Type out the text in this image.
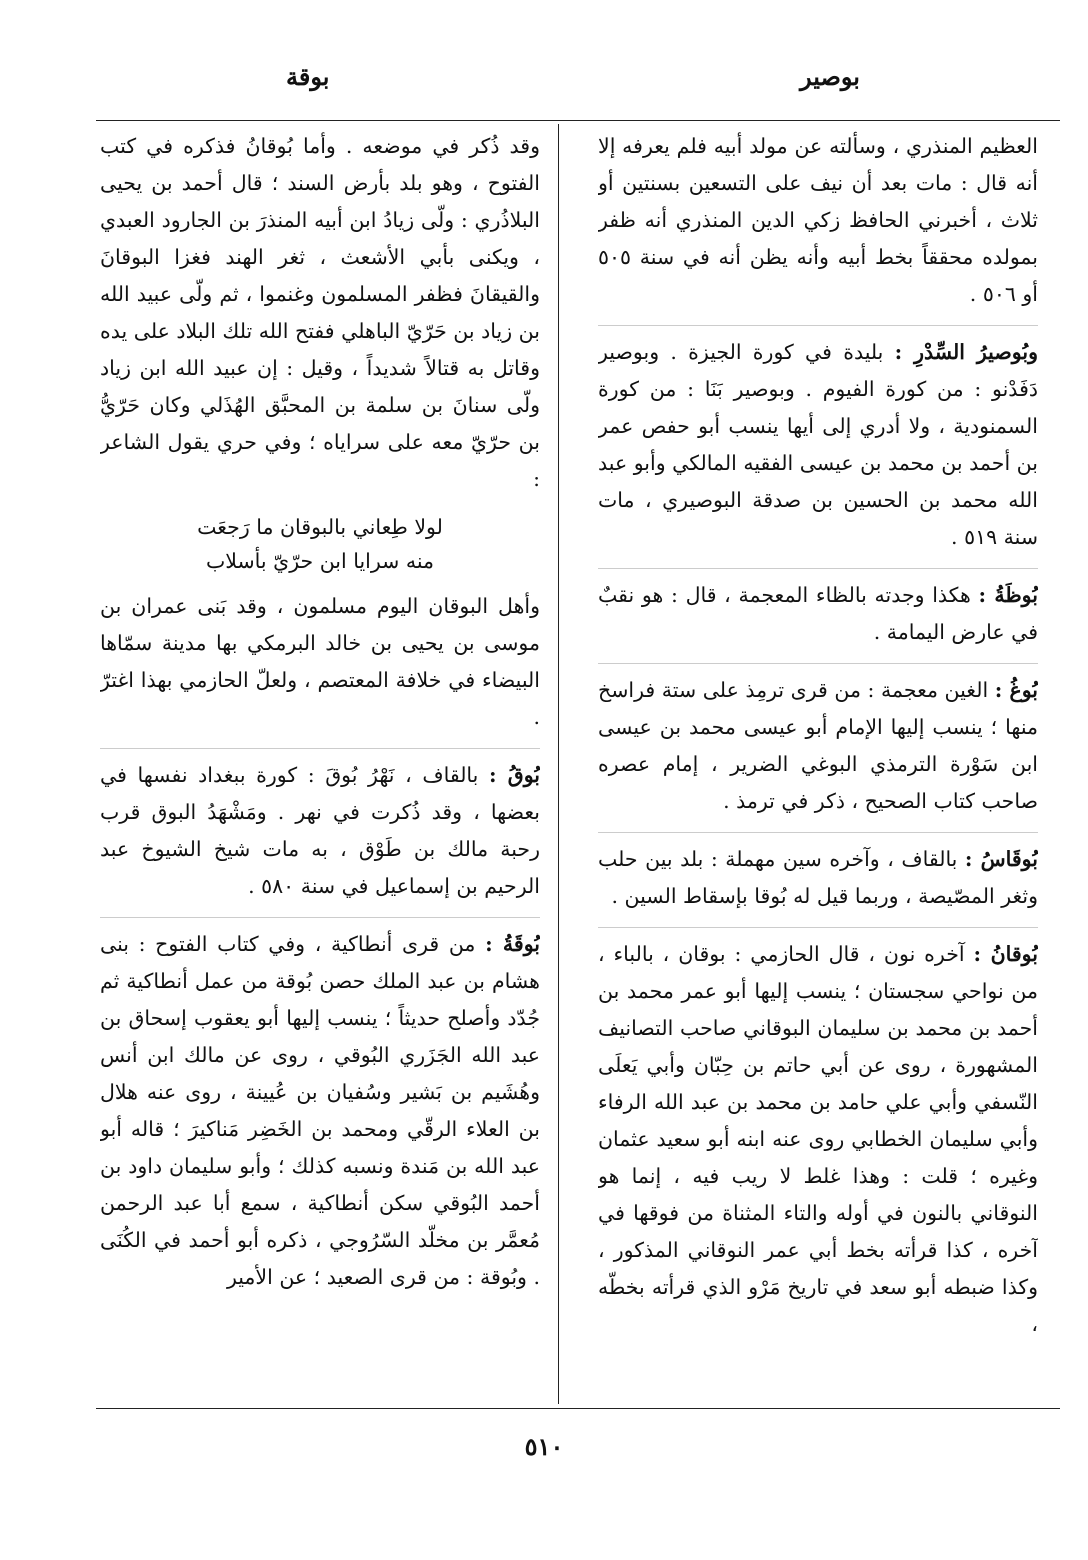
بوصير
بوقة

العظيم المنذري ، وسألته عن مولد أبيه فلم يعرفه إلا أنه قال : مات بعد أن نيف على التسعين بسنتين أو ثلاث ، أخبرني الحافظ زكي الدين المنذري أنه ظفر بمولده محققاً بخط أبيه وأنه يظن أنه في سنة ٥٠٥ أو ٥٠٦ .

وبُوصيرُ السِّدْرِ : بليدة في كورة الجيزة . وبوصير دَفَدْنو : من كورة الفيوم . وبوصير بَنَا : من كورة السمنودية ، ولا أدري إلى أيها ينسب أبو حفص عمر بن أحمد بن محمد بن عيسى الفقيه المالكي وأبو عبد الله محمد بن الحسين بن صدقة البوصيري ، مات سنة ٥١٩ .

بُوظَةُ : هكذا وجدته بالظاء المعجمة ، قال : هو نقبٌ في عارض اليمامة .

بُوغُ : الغين معجمة : من قرى ترمِذ على ستة فراسخ منها ؛ ينسب إليها الإمام أبو عيسى محمد بن عيسى ابن سَوْرة الترمذي البوغي الضرير ، إمام عصره صاحب كتاب الصحيح ، ذكر في ترمذ .

بُوقَاسُ : بالقاف ، وآخره سين مهملة : بلد بين حلب وثغر المصّيصة ، وربما قيل له بُوقا بإسقاط السين .

بُوقانُ : آخره نون ، قال الحازمي : بوقان ، بالباء ، من نواحي سجستان ؛ ينسب إليها أبو عمر محمد بن أحمد بن محمد بن سليمان البوقاني صاحب التصانيف المشهورة ، روى عن أبي حاتم بن حِبّان وأبي يَعلَى النّسفي وأبي علي حامد بن محمد بن عبد الله الرفاء وأبي سليمان الخطابي روى عنه ابنه أبو سعيد عثمان وغيره ؛ قلت : وهذا غلط لا ريب فيه ، إنما هو النوقاني بالنون في أوله والتاء المثناة من فوقها في آخره ، كذا قرأته بخط أبي عمر النوقاني المذكور ، وكذا ضبطه أبو سعد في تاريخ مَرْو الذي قرأته بخطّه ،

وقد ذُكر في موضعه . وأما بُوقانُ فذكره في كتب الفتوح ، وهو بلد بأرض السند ؛ قال أحمد بن يحيى البلاذُري : ولّى زيادُ ابن أبيه المنذرَ بن الجارود العبدي ، ويكنى بأبي الأشعث ، ثغر الهند فغزا البوقانَ والقيقانَ فظفر المسلمون وغنموا ، ثم ولّى عبيد الله بن زياد بن حَرّيّ الباهلي ففتح الله تلك البلاد على يده وقاتل به قتالاً شديداً ، وقيل : إن عبيد الله ابن زياد ولّى سنانَ بن سلمة بن المحبَّق الهُذَلي وكان حَرّيُّ بن حرّيّ معه على سراياه ؛ وفي حري يقول الشاعر :

لولا طِعاني بالبوقان ما رَجعَت
منه سرايا ابن حرّيّ بأسلاب

وأهل البوقان اليوم مسلمون ، وقد بَنى عمران بن موسى بن يحيى بن خالد البرمكي بها مدينة سمّاها البيضاء في خلافة المعتصم ، ولعلّ الحازمي بهذا اغترّ .

بُوقُ : بالقاف ، نَهْرُ بُوقَ : كورة ببغداد نفسها في بعضها ، وقد ذُكرت في نهر . ومَشْهَدُ البوق قرب رحبة مالك بن طَوْق ، به مات شيخ الشيوخ عبد الرحيم بن إسماعيل في سنة ٥٨٠ .

بُوقَةُ : من قرى أنطاكية ، وفي كتاب الفتوح : بنى هشام بن عبد الملك حصن بُوقة من عمل أنطاكية ثم جُدّد وأصلح حديثاً ؛ ينسب إليها أبو يعقوب إسحاق بن عبد الله الجَزَري البُوقي ، روى عن مالك ابن أنس وهُشَيم بن بَشير وسُفيان بن عُيينة ، روى عنه هلال بن العلاء الرقّي ومحمد بن الخَضِر مَناكيرَ ؛ قاله أبو عبد الله بن مَندة ونسبه كذلك ؛ وأبو سليمان داود بن أحمد البُوقي سكن أنطاكية ، سمع أبا عبد الرحمن مُعمَّر بن مخلّد السّرُوجي ، ذكره أبو أحمد في الكُنَى . وبُوقة : من قرى الصعيد ؛ عن الأمير

٥١٠
